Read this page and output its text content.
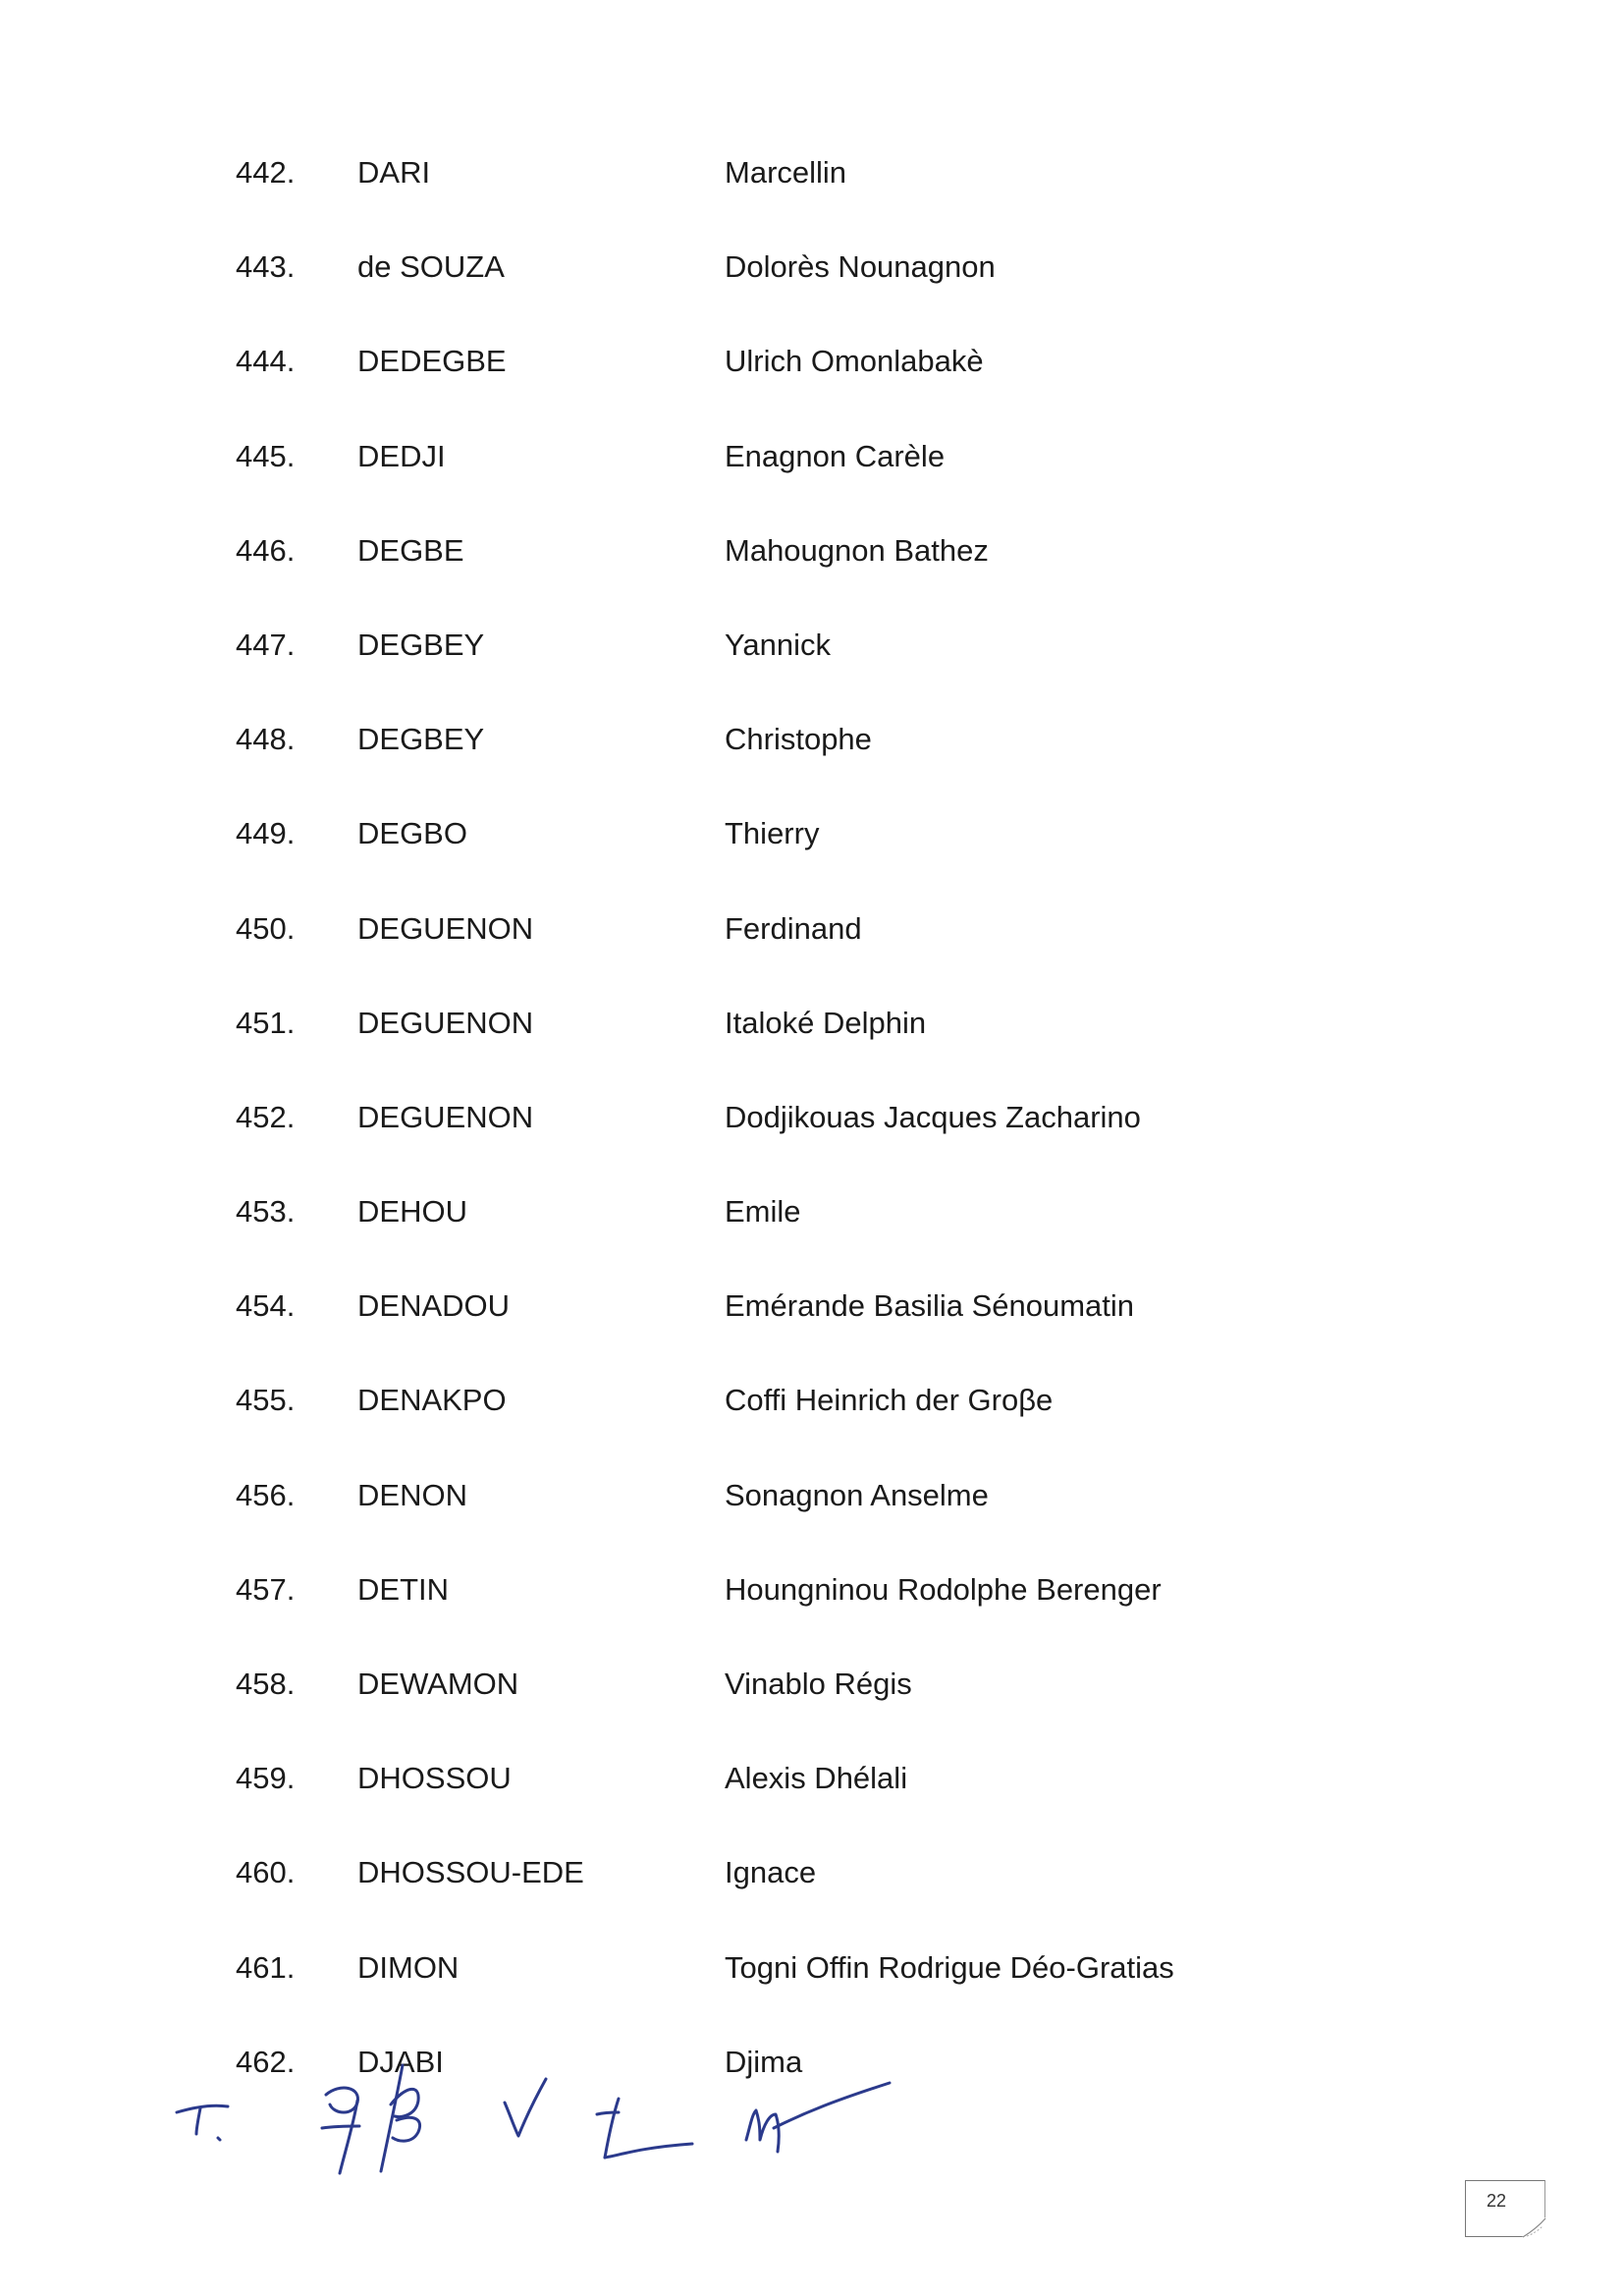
442. DARI	Marcellin
443. de SOUZA	Dolorès Nounagnon
444. DEDEGBE	Ulrich Omonlabakè
445. DEDJI	Enagnon Carèle
446. DEGBE	Mahougnon Bathez
447. DEGBEY	Yannick
448. DEGBEY	Christophe
449. DEGBO	Thierry
450. DEGUENON	Ferdinand
451. DEGUENON	Italoké Delphin
452. DEGUENON	Dodjikouas Jacques Zacharino
453. DEHOU	Emile
454. DENADOU	Emérande Basilia Sénoumatin
455. DENAKPO	Coffi Heinrich der Groβe
456. DENON	Sonagnon Anselme
457. DETIN	Houngninou Rodolphe Berenger
458. DEWAMON	Vinablo Régis
459. DHOSSOU	Alexis Dhélali
460. DHOSSOU-EDE	Ignace
461. DIMON	Togni Offin Rodrigue Déo-Gratias
462. DJABI	Djima
22
